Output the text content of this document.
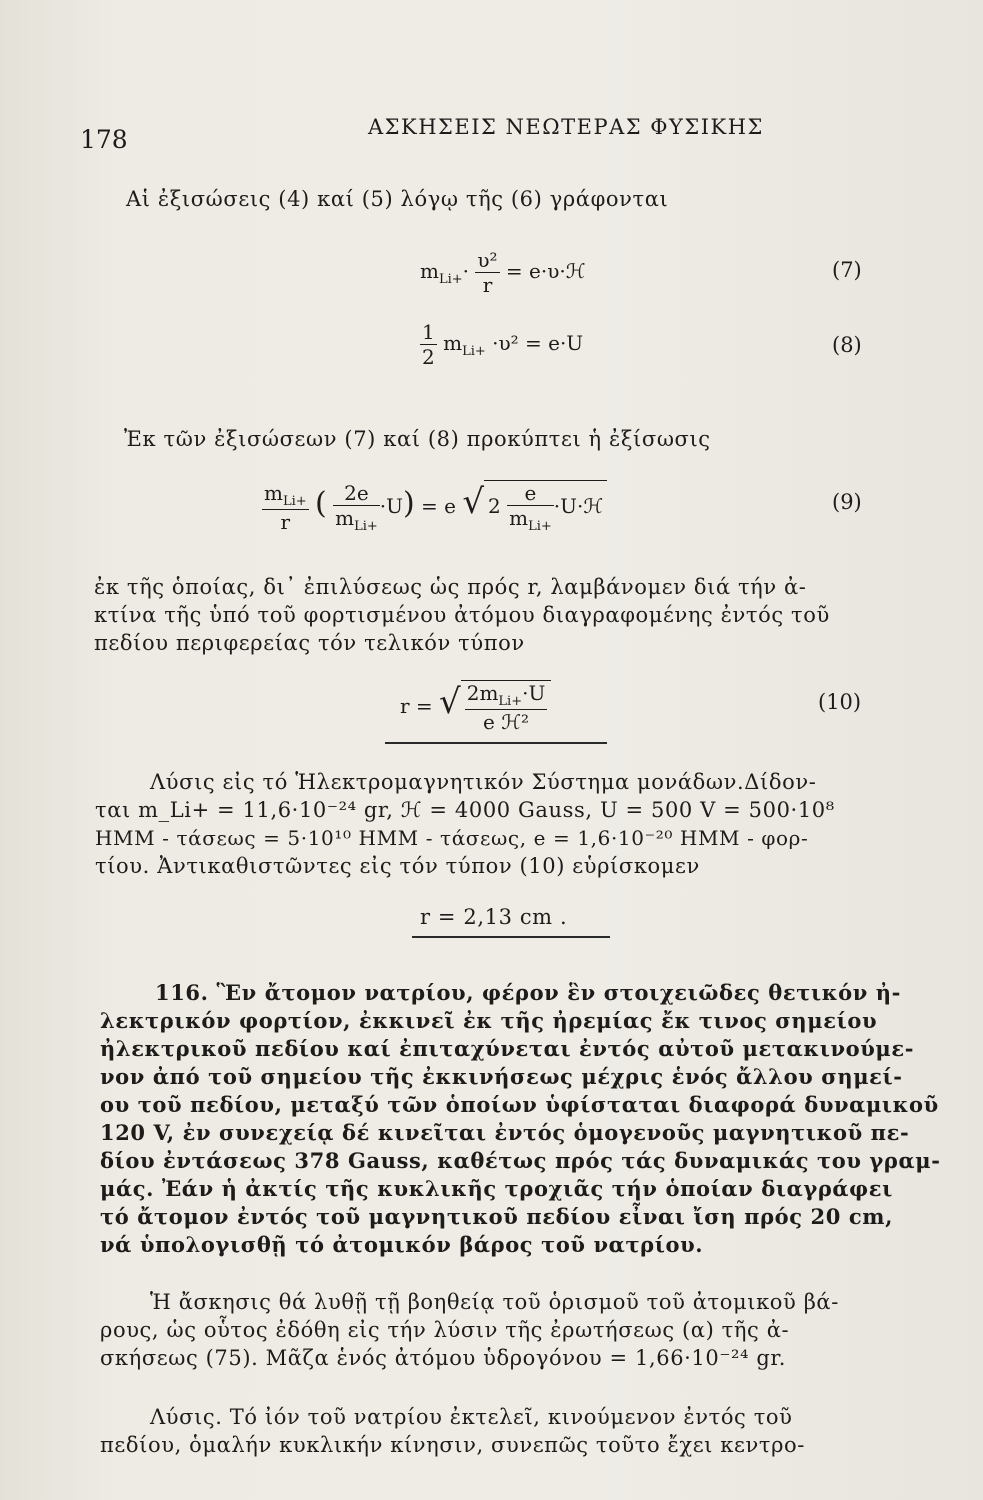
178	ΑΣΚΗΣΕΙΣ ΝΕΩΤΕΡΑΣ ΦΥΣΙΚΗΣ
Αἱ ἐξισώσεις (4) καί (5) λόγῳ τῆς (6) γράφονται
$m_{Li+}\cdot \frac{\text{υ²}}{r}$ = e·υ·ℋ	(7)
$\frac{1}{2} m_{Li+} \cdot\upsilon^2 = e\cdot U$	(8)
Ἐκ τῶν ἐξισώσεων (7) καί (8) προκύπτει ἡ ἐξίσωσις
$\frac{m_{Li+}}{r}$ ( $\frac{2e}{m_{Li+}} \cdot U) = e$ √ $2 \frac{e}{m_{Li+}}$ ·U·ℋ	(9)
ἐκ τῆς ὁποίας, δι᾽ ἐπιλύσεως ὡς πρός r, λαμβάνομεν διά τήν ἀ-
κτίνα τῆς ὑπό τοῦ φορτισμένου ἀτόμου διαγραφομένης ἐντός τοῦ
πεδίου περιφερείας τόν τελικόν τύπον
r = √ $\frac{2m_{Li+}\cdot U}{\text{e ℋ²}}$	(10)
Λύσις εἰς τό Ἡλεκτρομαγνητικόν Σύστημα μονάδων.Δίδον-
ται m_Li+ = 11,6·10⁻²⁴ gr, ℋ = 4000 Gauss, U = 500 V = 500·10⁸
ΗΜΜ - τάσεως = 5·10¹⁰ ΗΜΜ - τάσεως, e = 1,6·10⁻²⁰ ΗΜΜ - φορ-
τίου. Ἀντικαθιστῶντες εἰς τόν τύπον (10) εὑρίσκομεν
r = 2,13 cm .
116. Ἓν ἄτομον νατρίου, φέρον ἓν στοιχειῶδες θετικόν ἠ-
λεκτρικόν φορτίον, ἐκκινεῖ ἐκ τῆς ἠρεμίας ἔκ τινος σημείου
ἠλεκτρικοῦ πεδίου καί ἐπιταχύνεται ἐντός αὐτοῦ μετακινούμε-
νον ἀπό τοῦ σημείου τῆς ἐκκινήσεως μέχρις ἑνός ἄλλου σημεί-
ου τοῦ πεδίου, μεταξύ τῶν ὁποίων ὑφίσταται διαφορά δυναμικοῦ
120 V, ἐν συνεχείᾳ δέ κινεῖται ἐντός ὁμογενοῦς μαγνητικοῦ πε-
δίου ἐντάσεως 378 Gauss, καθέτως πρός τάς δυναμικάς του γραμ-
μάς. Ἐάν ἡ ἀκτίς τῆς κυκλικῆς τροχιᾶς τήν ὁποίαν διαγράφει
τό ἄτομον ἐντός τοῦ μαγνητικοῦ πεδίου εἶναι ἴση πρός 20 cm,
νά ὑπολογισθῇ τό ἀτομικόν βάρος τοῦ νατρίου.
Ἡ ἄσκησις θά λυθῇ τῇ βοηθείᾳ τοῦ ὁρισμοῦ τοῦ ἀτομικοῦ βά-
ρους, ὡς οὗτος ἐδόθη εἰς τήν λύσιν τῆς ἐρωτήσεως (α) τῆς ἀ-
σκήσεως (75). Μᾶζα ἑνός ἀτόμου ὑδρογόνου = 1,66·10⁻²⁴ gr.
Λύσις. Τό ἰόν τοῦ νατρίου ἐκτελεῖ, κινούμενον ἐντός τοῦ
πεδίου, ὁμαλήν κυκλικήν κίνησιν, συνεπῶς τοῦτο ἔχει κεντρο-
